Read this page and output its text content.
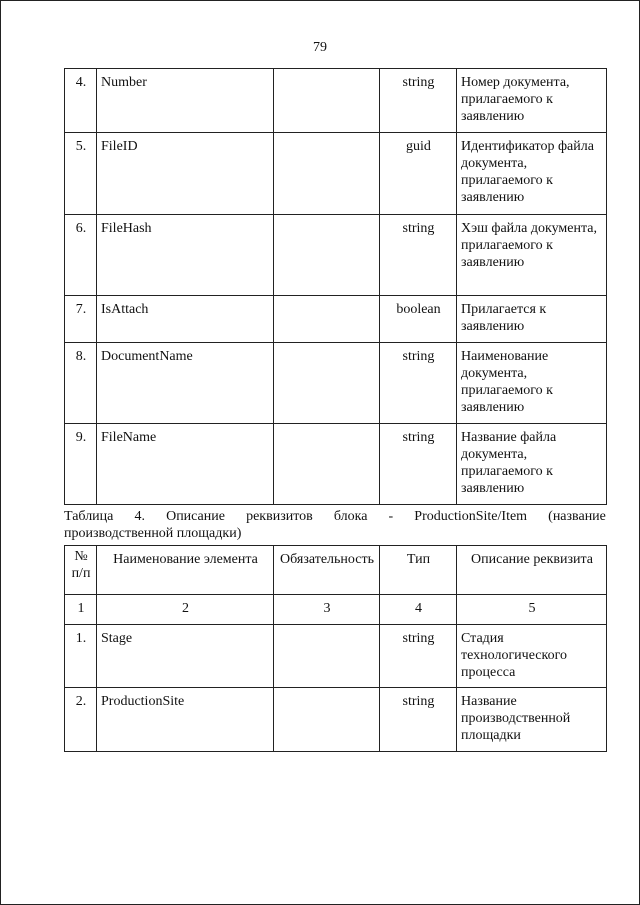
79
4.	Number		string	Номер документа, прилагаемого к заявлению
5.	FileID		guid	Идентификатор файла документа, прилагаемого к заявлению
6.	FileHash		string	Хэш файла документа, прилагаемого к заявлению
7.	IsAttach		boolean	Прилагается к заявлению
8.	DocumentName		string	Наименование документа, прилагаемого к заявлению
9.	FileName		string	Название файла документа, прилагаемого к заявлению
Таблица 4. Описание реквизитов блока - ProductionSite/Item (название
производственной площадки)
№ п/п	Наименование элемента	Обязательность	Тип	Описание реквизита
1	2	3	4	5
1.	Stage		string	Стадия технологического процесса
2.	ProductionSite		string	Название производственной площадки
